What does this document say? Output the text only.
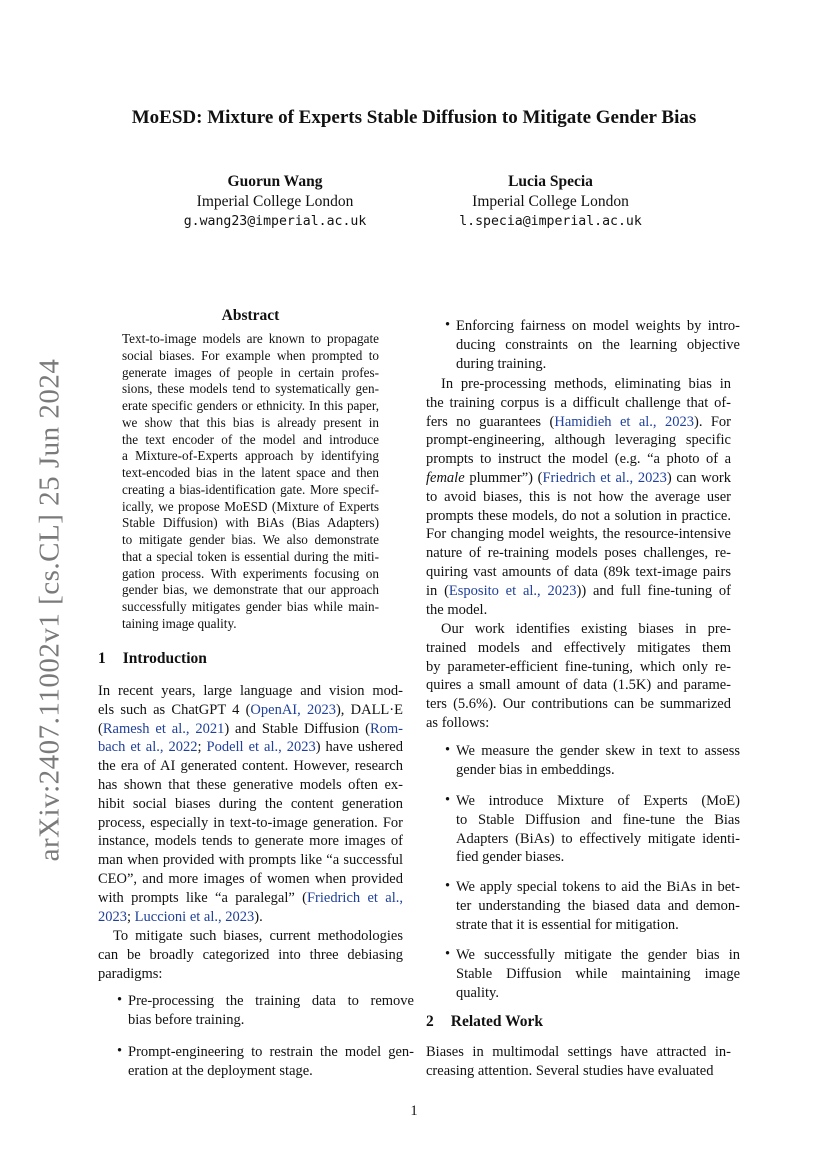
MoESD: Mixture of Experts Stable Diffusion to Mitigate Gender Bias
Guorun Wang
Imperial College London
g.wang23@imperial.ac.uk
Lucia Specia
Imperial College London
l.specia@imperial.ac.uk
arXiv:2407.11002v1 [cs.CL] 25 Jun 2024
Abstract
Text-to-image models are known to propagate
social biases. For example when prompted to
generate images of people in certain profes-
sions, these models tend to systematically gen-
erate specific genders or ethnicity. In this paper,
we show that this bias is already present in
the text encoder of the model and introduce
a Mixture-of-Experts approach by identifying
text-encoded bias in the latent space and then
creating a bias-identification gate. More specif-
ically, we propose MoESD (Mixture of Experts
Stable Diffusion) with BiAs (Bias Adapters)
to mitigate gender bias. We also demonstrate
that a special token is essential during the miti-
gation process. With experiments focusing on
gender bias, we demonstrate that our approach
successfully mitigates gender bias while main-
taining image quality.
1 Introduction
In recent years, large language and vision mod-
els such as ChatGPT 4 (OpenAI, 2023), DALL·E
(Ramesh et al., 2021) and Stable Diffusion (Rom-
bach et al., 2022; Podell et al., 2023) have ushered
the era of AI generated content. However, research
has shown that these generative models often ex-
hibit social biases during the content generation
process, especially in text-to-image generation. For
instance, models tends to generate more images of
man when provided with prompts like “a successful
CEO”, and more images of women when provided
with prompts like “a paralegal” (Friedrich et al.,
2023; Luccioni et al., 2023).
To mitigate such biases, current methodologies
can be broadly categorized into three debiasing
paradigms:
• Pre-processing the training data to remove
bias before training.
• Prompt-engineering to restrain the model gen-
eration at the deployment stage.
• Enforcing fairness on model weights by intro-
ducing constraints on the learning objective
during training.
In pre-processing methods, eliminating bias in
the training corpus is a difficult challenge that of-
fers no guarantees (Hamidieh et al., 2023). For
prompt-engineering, although leveraging specific
prompts to instruct the model (e.g. “a photo of a
female plummer”) (Friedrich et al., 2023) can work
to avoid biases, this is not how the average user
prompts these models, do not a solution in practice.
For changing model weights, the resource-intensive
nature of re-training models poses challenges, re-
quiring vast amounts of data (89k text-image pairs
in (Esposito et al., 2023)) and full fine-tuning of
the model.
Our work identifies existing biases in pre-
trained models and effectively mitigates them
by parameter-efficient fine-tuning, which only re-
quires a small amount of data (1.5K) and parame-
ters (5.6%). Our contributions can be summarized
as follows:
• We measure the gender skew in text to assess
gender bias in embeddings.
• We introduce Mixture of Experts (MoE)
to Stable Diffusion and fine-tune the Bias
Adapters (BiAs) to effectively mitigate identi-
fied gender biases.
• We apply special tokens to aid the BiAs in bet-
ter understanding the biased data and demon-
strate that it is essential for mitigation.
• We successfully mitigate the gender bias in
Stable Diffusion while maintaining image
quality.
2 Related Work
Biases in multimodal settings have attracted in-
creasing attention. Several studies have evaluated
1
